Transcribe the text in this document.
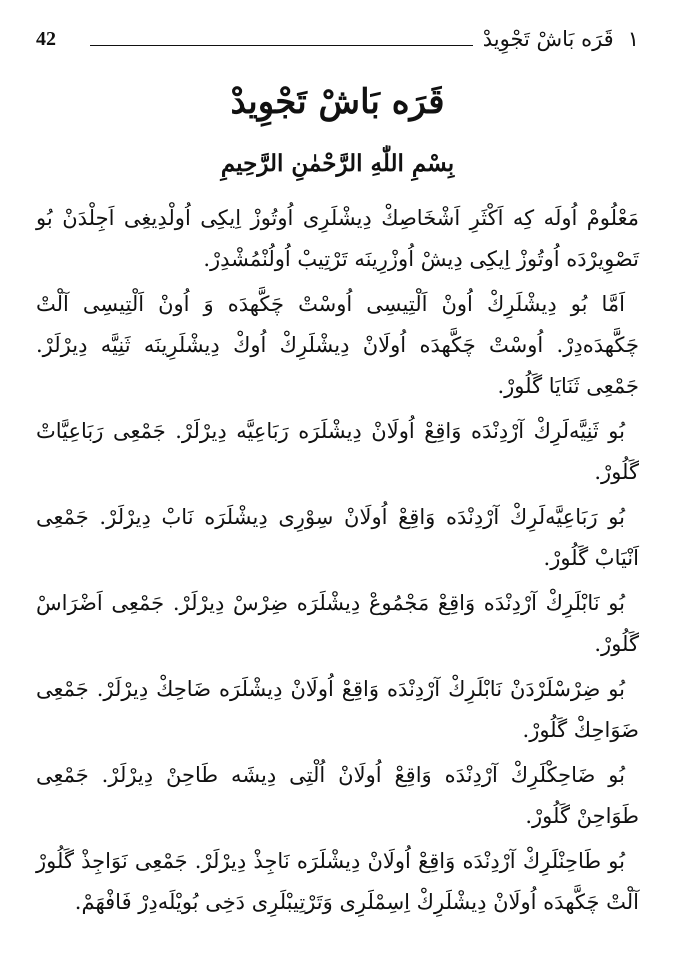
42	قَرَه بَاشْ تَجْوِيدْ ١
قَرَه بَاشْ تَجْوِيدْ
بِسْمِ اللّٰهِ الرَّحْمٰنِ الرَّحِيمِ

مَعْلُومْ اُولَه كِه اَكْثَرِ اَشْخَاصِكْ دِيشْلَرِى اُوتُوزْ اِيكِى اُولْدِيغِى اَجِلْدَنْ بُو تَصْوِيرْدَه اُوتُوزْ اِيكِى دِيشْ اُوزْرِينَه تَرْتِيبْ اُولُنْمُشْدِرْ.

اَمَّا بُو دِيشْلَرِكْ اُونْ اَلْتِيسِى اُوسْتْ چَكَّهدَه وَ اُونْ اَلْتِيسِى آلْتْ چَكَّهدَه‌دِرْ. اُوسْتْ چَكَّهدَه اُولَانْ دِيشْلَرِكْ اُوكْ دِيشْلَرِينَه ثَنِيَّه دِيرْلَرْ. جَمْعِى ثَنَايَا گَلُورْ.

بُو ثَنِيَّه‌لَرِكْ آرْدِنْدَه وَاقِعْ اُولَانْ دِيشْلَرَه رَبَاعِيَّه دِيرْلَرْ. جَمْعِى رَبَاعِيَّاتْ گَلُورْ.

بُو رَبَاعِيَّه‌لَرِكْ آرْدِنْدَه وَاقِعْ اُولَانْ سِوْرِى دِيشْلَرَه نَابْ دِيرْلَرْ. جَمْعِى اَنْيَابْ گَلُورْ.

بُو نَابْلَرِكْ آرْدِنْدَه وَاقِعْ مَجْمُوعْ دِيشْلَرَه ضِرْسْ دِيرْلَرْ. جَمْعِى اَضْرَاسْ گَلُورْ.

بُو ضِرْسْلَرْدَنْ نَابْلَرِكْ آرْدِنْدَه وَاقِعْ اُولَانْ دِيشْلَرَه ضَاحِكْ دِيرْلَرْ. جَمْعِى ضَوَاحِكْ گَلُورْ.

بُو ضَاحِكْلَرِكْ آرْدِنْدَه وَاقِعْ اُولَانْ اُلْتِى دِيشَه طَاحِنْ دِيرْلَرْ. جَمْعِى طَوَاحِنْ گَلُورْ.

بُو طَاحِنْلَرِكْ آرْدِنْدَه وَاقِعْ اُولَانْ دِيشْلَرَه نَاجِذْ دِيرْلَرْ. جَمْعِى نَوَاجِذْ گَلُورْ آلْتْ چَكَّهدَه اُولَانْ دِيشْلَرِكْ اِسِمْلَرِى وَتَرْتِيبْلَرِى دَخِى بُويْلَه‌دِرْ فَافْهَمْ.
